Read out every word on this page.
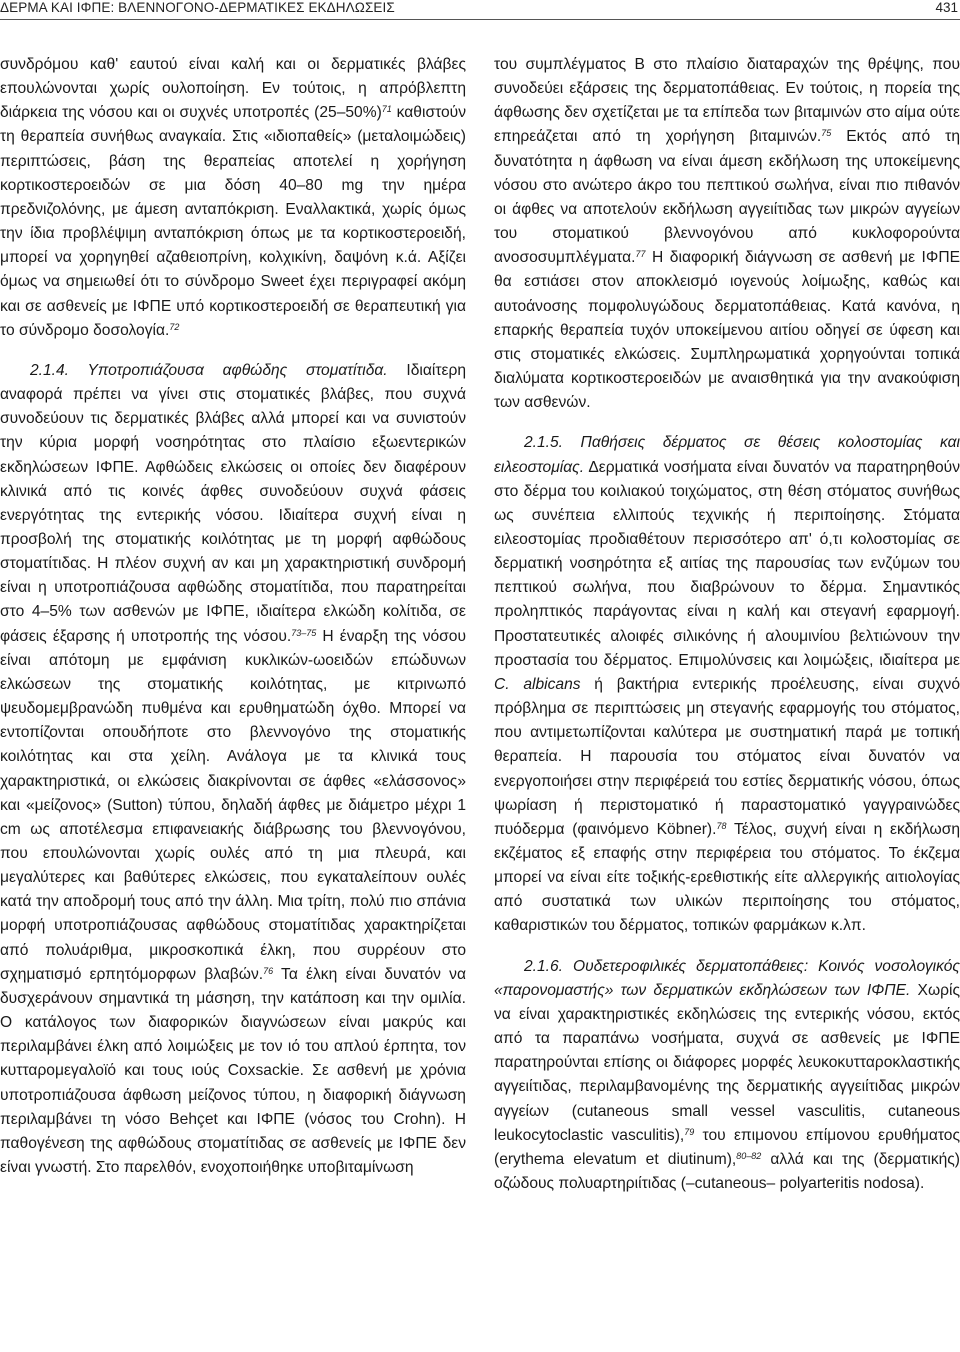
ΔΕΡΜΑ ΚΑΙ ΙΦΠΕ: ΒΛΕΝΝΟΓΟΝΟ-ΔΕΡΜΑΤΙΚΕΣ ΕΚΔΗΛΩΣΕΙΣ	431

συνδρόμου καθ' εαυτού είναι καλή και οι δερματικές βλάβες επουλώνονται χωρίς ουλοποίηση. Εν τούτοις, η απρόβλεπτη διάρκεια της νόσου και οι συχνές υποτροπές $(25-50\%)^{71}$ καθιστούν τη θεραπεία συνήθως αναγκαία. Στις «ιδιοπαθείς» (μεταλοιμώδεις) περιπτώσεις, βάση της θεραπείας αποτελεί η χορήγηση κορτικοστεροειδών σε μια δόση 40–80 mg την ημέρα πρεδνιζολόνης, με άμεση ανταπόκριση. Εναλλακτικά, χωρίς όμως την ίδια προβλέψιμη ανταπόκριση όπως με τα κορτικοστεροειδή, μπορεί να χορηγηθεί αζαθειοπρίνη, κολχικίνη, δαψόνη κ.ά. Αξίζει όμως να σημειωθεί ότι το σύνδρομο Sweet έχει περιγραφεί ακόμη και σε ασθενείς με ΙΦΠΕ υπό κορτικοστεροειδή σε θεραπευτική για το σύνδρομο δοσολογία.$^{72}$

2.1.4. Υποτροπιάζουσα αφθώδης στοματίτιδα. Ιδιαίτερη αναφορά πρέπει να γίνει στις στοματικές βλάβες, που συχνά συνοδεύουν τις δερματικές βλάβες αλλά μπορεί και να συνιστούν την κύρια μορφή νοσηρότητας στο πλαίσιο εξωεντερικών εκδηλώσεων ΙΦΠΕ. Αφθώδεις ελκώσεις οι οποίες δεν διαφέρουν κλινικά από τις κοινές άφθες συνοδεύουν συχνά φάσεις ενεργότητας της εντερικής νόσου. Ιδιαίτερα συχνή είναι η προσβολή της στοματικής κοιλότητας με τη μορφή αφθώδους στοματίτιδας. Η πλέον συχνή αν και μη χαρακτηριστική συνδρομή είναι η υποτροπιάζουσα αφθώδης στοματίτιδα, που παρατηρείται στο 4–5% των ασθενών με ΙΦΠΕ, ιδιαίτερα ελκώδη κολίτιδα, σε φάσεις έξαρσης ή υποτροπής της νόσου.$^{73-75}$ Η έναρξη της νόσου είναι απότομη με εμφάνιση κυκλικών-ωοειδών επώδυνων ελκώσεων της στοματικής κοιλότητας, με κιτρινωπό ψευδομεμβρανώδη πυθμένα και ερυθηματώδη όχθο. Μπορεί να εντοπίζονται οπουδήποτε στο βλεννογόνο της στοματικής κοιλότητας και στα χείλη. Ανάλογα με τα κλινικά τους χαρακτηριστικά, οι ελκώσεις διακρίνονται σε άφθες «ελάσσονος» και «μείζονος» (Sutton) τύπου, δηλαδή άφθες με διάμετρο μέχρι 1 cm ως αποτέλεσμα επιφανειακής διάβρωσης του βλεννογόνου, που επουλώνονται χωρίς ουλές από τη μια πλευρά, και μεγαλύτερες και βαθύτερες ελκώσεις, που εγκαταλείπουν ουλές κατά την αποδρομή τους από την άλλη. Μια τρίτη, πολύ πιο σπάνια μορφή υποτροπιάζουσας αφθώδους στοματίτιδας χαρακτηρίζεται από πολυάριθμα, μικροσκοπικά έλκη, που συρρέουν στο σχηματισμό ερπητόμορφων βλαβών.$^{76}$ Τα έλκη είναι δυνατόν να δυσχεράνουν σημαντικά τη μάσηση, την κατάποση και την ομιλία. Ο κατάλογος των διαφορικών διαγνώσεων είναι μακρύς και περιλαμβάνει έλκη από λοιμώξεις με τον ιό του απλού έρπητα, τον κυτταρομεγαλοϊό και τους ιούς Coxsackie. Σε ασθενή με χρόνια υποτροπιάζουσα άφθωση μείζονος τύπου, η διαφορική διάγνωση περιλαμβάνει τη νόσο Behçet και ΙΦΠΕ (νόσος του Crohn). Η παθογένεση της αφθώδους στοματίτιδας σε ασθενείς με ΙΦΠΕ δεν είναι γνωστή. Στο παρελθόν, ενοχοποιήθηκε υποβιταμίνωση

του συμπλέγματος B στο πλαίσιο διαταραχών της θρέψης, που συνοδεύει εξάρσεις της δερματοπάθειας. Εν τούτοις, η πορεία της άφθωσης δεν σχετίζεται με τα επίπεδα των βιταμινών στο αίμα ούτε επηρεάζεται από τη χορήγηση βιταμινών.$^{75}$ Εκτός από τη δυνατότητα η άφθωση να είναι άμεση εκδήλωση της υποκείμενης νόσου στο ανώτερο άκρο του πεπτικού σωλήνα, είναι πιο πιθανόν οι άφθες να αποτελούν εκδήλωση αγγειίτιδας των μικρών αγγείων του στοματικού βλεννογόνου από κυκλοφορούντα ανοσοσυμπλέγματα.$^{77}$ Η διαφορική διάγνωση σε ασθενή με ΙΦΠΕ θα εστιάσει στον αποκλεισμό ιογενούς λοίμωξης, καθώς και αυτοάνοσης πομφολυγώδους δερματοπάθειας. Κατά κανόνα, η επαρκής θεραπεία τυχόν υποκείμενου αιτίου οδηγεί σε ύφεση και στις στοματικές ελκώσεις. Συμπληρωματικά χορηγούνται τοπικά διαλύματα κορτικοστεροειδών με αναισθητικά για την ανακούφιση των ασθενών.

2.1.5. Παθήσεις δέρματος σε θέσεις κολοστομίας και ειλεοστομίας. Δερματικά νοσήματα είναι δυνατόν να παρατηρηθούν στο δέρμα του κοιλιακού τοιχώματος, στη θέση στόματος συνήθως ως συνέπεια ελλιπούς τεχνικής ή περιποίησης. Στόματα ειλεοστομίας προδιαθέτουν περισσότερο απ' ό,τι κολοστομίας σε δερματική νοσηρότητα εξ αιτίας της παρουσίας των ενζύμων του πεπτικού σωλήνα, που διαβρώνουν το δέρμα. Σημαντικός προληπτικός παράγοντας είναι η καλή και στεγανή εφαρμογή. Προστατευτικές αλοιφές σιλικόνης ή αλουμινίου βελτιώνουν την προστασία του δέρματος. Επιμολύνσεις και λοιμώξεις, ιδιαίτερα με C. albicans ή βακτήρια εντερικής προέλευσης, είναι συχνό πρόβλημα σε περιπτώσεις μη στεγανής εφαρμογής του στόματος, που αντιμετωπίζονται καλύτερα με συστηματική παρά με τοπική θεραπεία. Η παρουσία του στόματος είναι δυνατόν να ενεργοποιήσει στην περιφέρειά του εστίες δερματικής νόσου, όπως ψωρίαση ή περιστοματικό ή παραστοματικό γαγγραινώδες πυόδερμα (φαινόμενο Köbner).$^{78}$ Τέλος, συχνή είναι η εκδήλωση εκζέματος εξ επαφής στην περιφέρεια του στόματος. Το έκζεμα μπορεί να είναι είτε τοξικής-ερεθιστικής είτε αλλεργικής αιτιολογίας από συστατικά των υλικών περιποίησης του στόματος, καθαριστικών του δέρματος, τοπικών φαρμάκων κ.λπ.

2.1.6. Ουδετεροφιλικές δερματοπάθειες: Κοινός νοσολογικός «παρονομαστής» των δερματικών εκδηλώσεων των ΙΦΠΕ. Χωρίς να είναι χαρακτηριστικές εκδηλώσεις της εντερικής νόσου, εκτός από τα παραπάνω νοσήματα, συχνά σε ασθενείς με ΙΦΠΕ παρατηρούνται επίσης οι διάφορες μορφές λευκοκυτταροκλαστικής αγγειίτιδας, περιλαμβανομένης της δερματικής αγγειίτιδας μικρών αγγείων (cutaneous small vessel vasculitis, cutaneous leukocytoclastic vasculitis),$^{79}$ του επιμονου επίμονου ερυθήματος (erythema elevatum et diutinum),$^{80-82}$ αλλά και της (δερματικής) οζώδους πολυαρτηριίτιδας (–cutaneous– polyarteritis nodosa).
